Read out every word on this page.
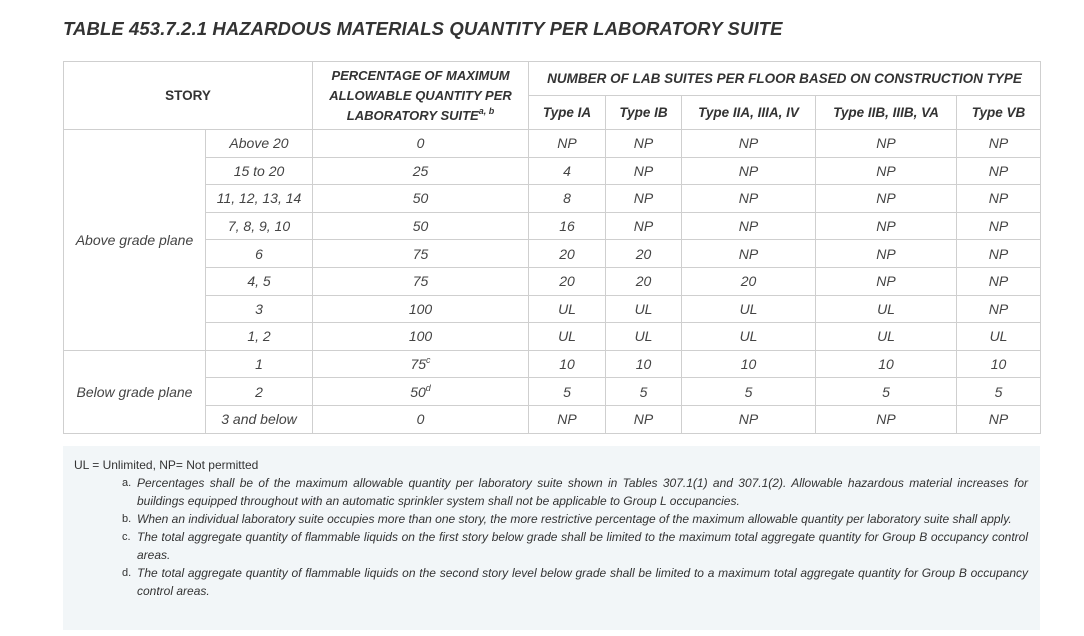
TABLE 453.7.2.1 HAZARDOUS MATERIALS QUANTITY PER LABORATORY SUITE
STORY		PERCENTAGE OF MAXIMUM ALLOWABLE QUANTITY PER LABORATORY SUITE$^{a, b}$	NUMBER OF LAB SUITES PER FLOOR BASED ON CONSTRUCTION TYPE				
			Type IA	Type IB	Type IIA, IIIA, IV	Type IIB, IIIB, VA	Type VB
Above grade plane	Above 20	0	NP	NP	NP	NP	NP
	15 to 20	25	4	NP	NP	NP	NP
	11, 12, 13, 14	50	8	NP	NP	NP	NP
	7, 8, 9, 10	50	16	NP	NP	NP	NP
	6	75	20	20	NP	NP	NP
	4, 5	75	20	20	20	NP	NP
	3	100	UL	UL	UL	UL	NP
	1, 2	100	UL	UL	UL	UL	UL
Below grade plane	1	75$^c$	10	10	10	10	10
	2	50$^d$	5	5	5	5	5
	3 and below	0	NP	NP	NP	NP	NP
UL = Unlimited, NP= Not permitted
a. Percentages shall be of the maximum allowable quantity per laboratory suite shown in Tables 307.1(1) and 307.1(2). Allowable hazardous material increases for buildings equipped throughout with an automatic sprinkler system shall not be applicable to Group L occupancies.
b. When an individual laboratory suite occupies more than one story, the more restrictive percentage of the maximum allowable quantity per laboratory suite shall apply.
c. The total aggregate quantity of flammable liquids on the first story below grade shall be limited to the maximum total aggregate quantity for Group B occupancy control areas.
d. The total aggregate quantity of flammable liquids on the second story level below grade shall be limited to a maximum total aggregate quantity for Group B occupancy control areas.
